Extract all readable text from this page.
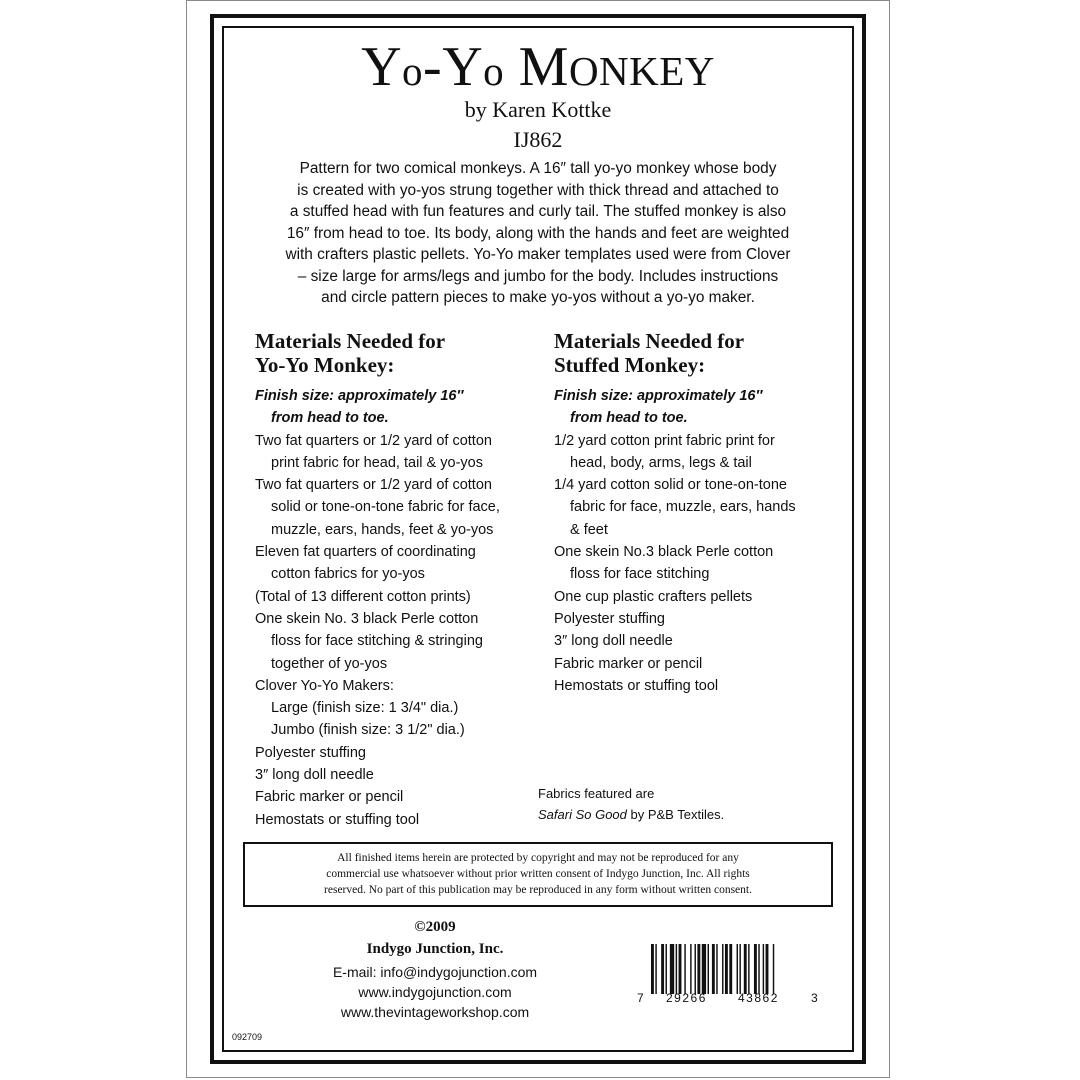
Yo-Yo MONKEY
by Karen Kottke
IJ862
Pattern for two comical monkeys. A 16″ tall yo-yo monkey whose body
is created with yo-yos strung together with thick thread and attached to
a stuffed head with fun features and curly tail. The stuffed monkey is also
16″ from head to toe. Its body, along with the hands and feet are weighted
with crafters plastic pellets. Yo-Yo maker templates used were from Clover
– size large for arms/legs and jumbo for the body. Includes instructions
and circle pattern pieces to make yo-yos without a yo-yo maker.
Materials Needed for
Yo-Yo Monkey:
Finish size: approximately 16″
from head to toe.
Two fat quarters or 1/2 yard of cotton
print fabric for head, tail & yo-yos
Two fat quarters or 1/2 yard of cotton
solid or tone-on-tone fabric for face,
muzzle, ears, hands, feet & yo-yos
Eleven fat quarters of coordinating
cotton fabrics for yo-yos
(Total of 13 different cotton prints)
One skein No. 3 black Perle cotton
floss for face stitching & stringing
together of yo-yos
Clover Yo-Yo Makers:
Large (finish size: 1 3/4" dia.)
Jumbo (finish size: 3 1/2" dia.)
Polyester stuffing
3″ long doll needle
Fabric marker or pencil
Hemostats or stuffing tool
Materials Needed for
Stuffed Monkey:
Finish size: approximately 16″
from head to toe.
1/2 yard cotton print fabric print for
head, body, arms, legs & tail
1/4 yard cotton solid or tone-on-tone
fabric for face, muzzle, ears, hands
& feet
One skein No.3 black Perle cotton
floss for face stitching
One cup plastic crafters pellets
Polyester stuffing
3″ long doll needle
Fabric marker or pencil
Hemostats or stuffing tool
Fabrics featured are
Safari So Good by P&B Textiles.
All finished items herein are protected by copyright and may not be reproduced for any
commercial use whatsoever without prior written consent of Indygo Junction, Inc. All rights
reserved. No part of this publication may be reproduced in any form without written consent.
©2009
Indygo Junction, Inc.
E-mail: info@indygojunction.com
www.indygojunction.com
www.thevintageworkshop.com
7 29266	43862	3
092709
